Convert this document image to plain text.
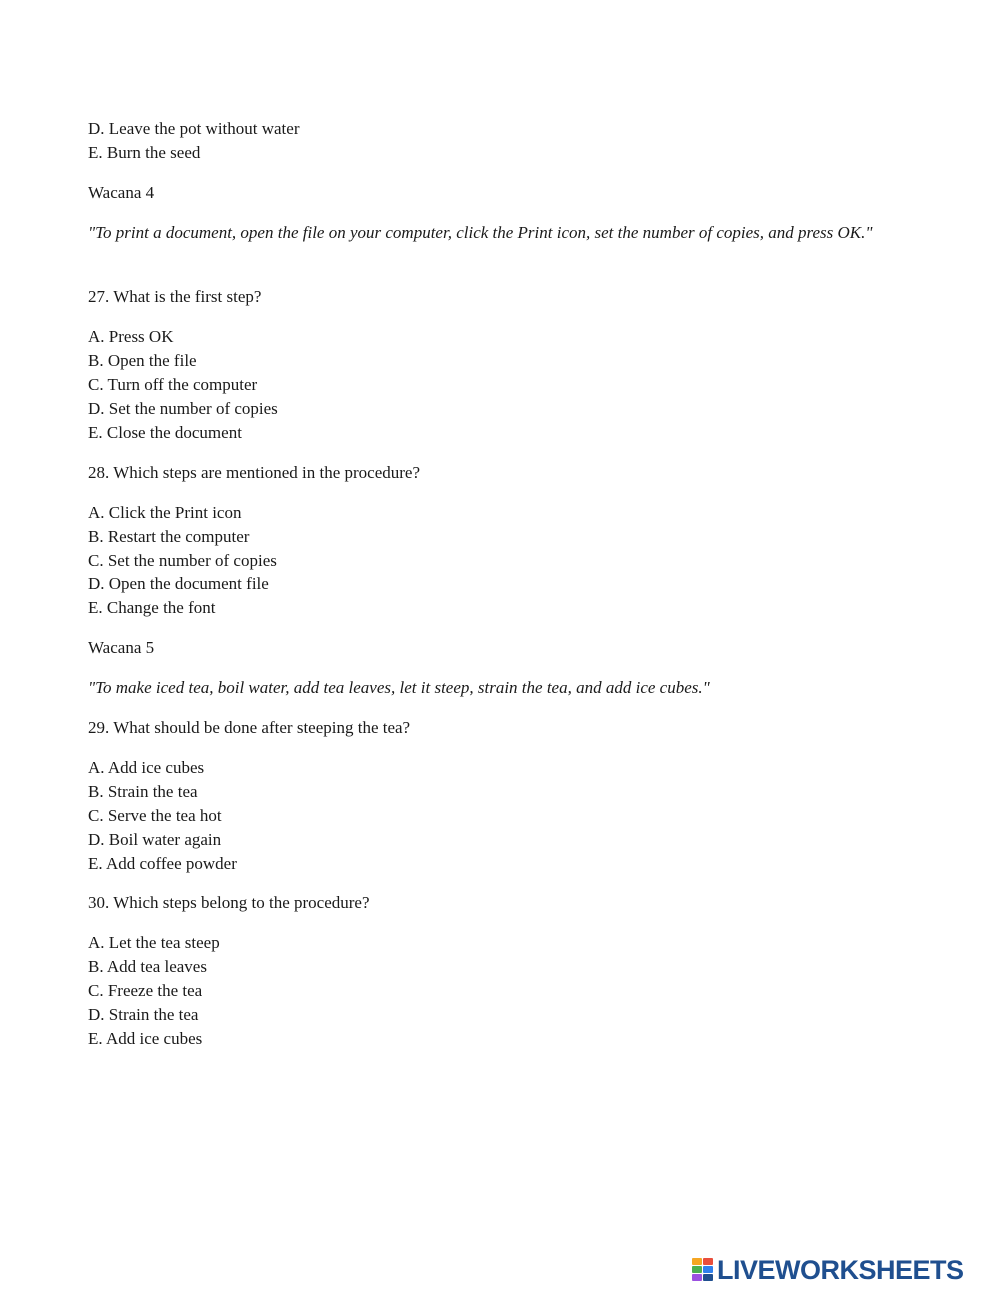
D. Leave the pot without water
E. Burn the seed
Wacana 4
"To print a document, open the file on your computer, click the Print icon, set the number of copies, and press OK."
27. What is the first step?
A. Press OK
B. Open the file
C. Turn off the computer
D. Set the number of copies
E. Close the document
28. Which steps are mentioned in the procedure?
A. Click the Print icon
B. Restart the computer
C. Set the number of copies
D. Open the document file
E. Change the font
Wacana 5
"To make iced tea, boil water, add tea leaves, let it steep, strain the tea, and add ice cubes."
29. What should be done after steeping the tea?
A. Add ice cubes
B. Strain the tea
C. Serve the tea hot
D. Boil water again
E. Add coffee powder
30. Which steps belong to the procedure?
A. Let the tea steep
B. Add tea leaves
C. Freeze the tea
D. Strain the tea
E. Add ice cubes
LIVEWORKSHEETS
